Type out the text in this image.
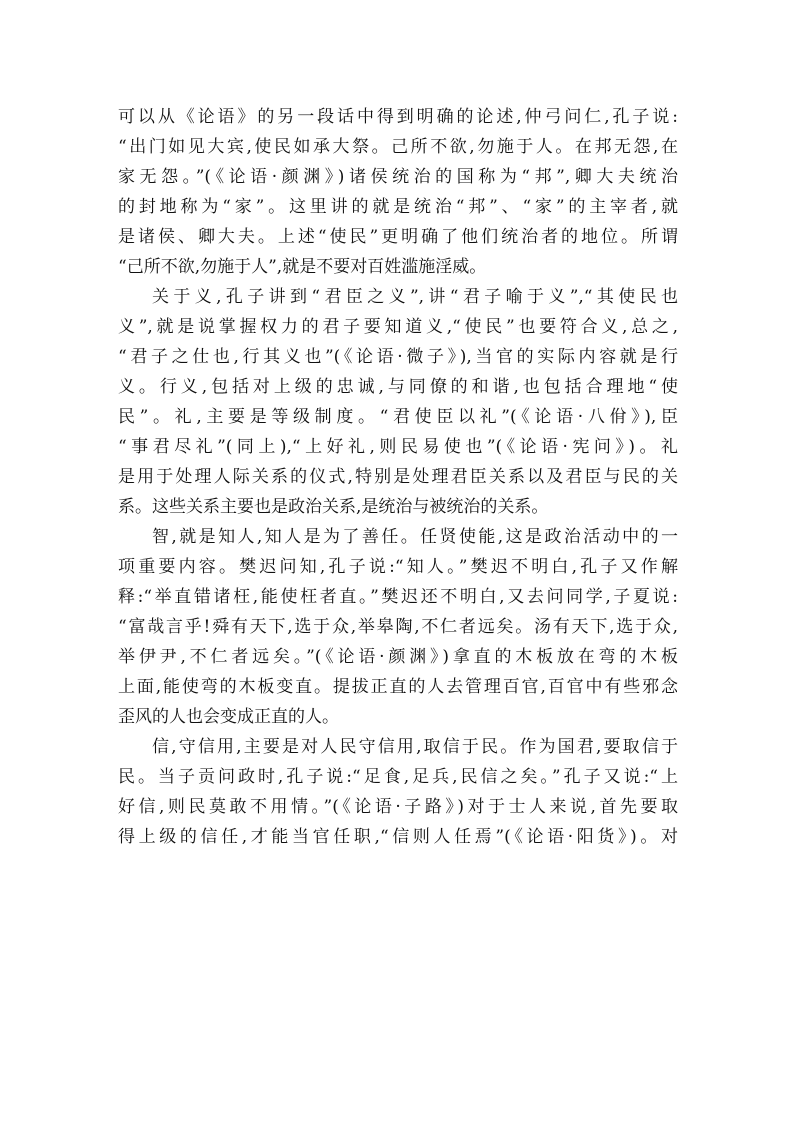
可以从《论语》的另一段话中得到明确的论述,仲弓问仁,孔子说:
“出门如见大宾,使民如承大祭。己所不欲,勿施于人。在邦无怨,在
家无怨。”(《论语·颜渊》)诸侯统治的国称为“邦”,卿大夫统治
的封地称为“家”。这里讲的就是统治“邦”、“家”的主宰者,就
是诸侯、卿大夫。上述“使民”更明确了他们统治者的地位。所谓
“己所不欲,勿施于人”,就是不要对百姓滥施淫威。
关于义,孔子讲到“君臣之义”,讲“君子喻于义”,“其使民也
义”,就是说掌握权力的君子要知道义,“使民”也要符合义,总之,
“君子之仕也,行其义也”(《论语·微子》),当官的实际内容就是行
义。行义,包括对上级的忠诚,与同僚的和谐,也包括合理地“使
民”。礼,主要是等级制度。“君使臣以礼”(《论语·八佾》),臣
“事君尽礼”(同上),“上好礼,则民易使也”(《论语·宪问》)。礼
是用于处理人际关系的仪式,特别是处理君臣关系以及君臣与民的关
系。这些关系主要也是政治关系,是统治与被统治的关系。
智,就是知人,知人是为了善任。任贤使能,这是政治活动中的一
项重要内容。樊迟问知,孔子说:“知人。”樊迟不明白,孔子又作解
释:“举直错诸枉,能使枉者直。”樊迟还不明白,又去问同学,子夏说:
“富哉言乎!舜有天下,选于众,举皋陶,不仁者远矣。汤有天下,选于众,
举伊尹,不仁者远矣。”(《论语·颜渊》)拿直的木板放在弯的木板
上面,能使弯的木板变直。提拔正直的人去管理百官,百官中有些邪念
歪风的人也会变成正直的人。
信,守信用,主要是对人民守信用,取信于民。作为国君,要取信于
民。当子贡问政时,孔子说:“足食,足兵,民信之矣。”孔子又说:“上
好信,则民莫敢不用情。”(《论语·子路》)对于士人来说,首先要取
得上级的信任,才能当官任职,“信则人任焉”(《论语·阳货》)。对
